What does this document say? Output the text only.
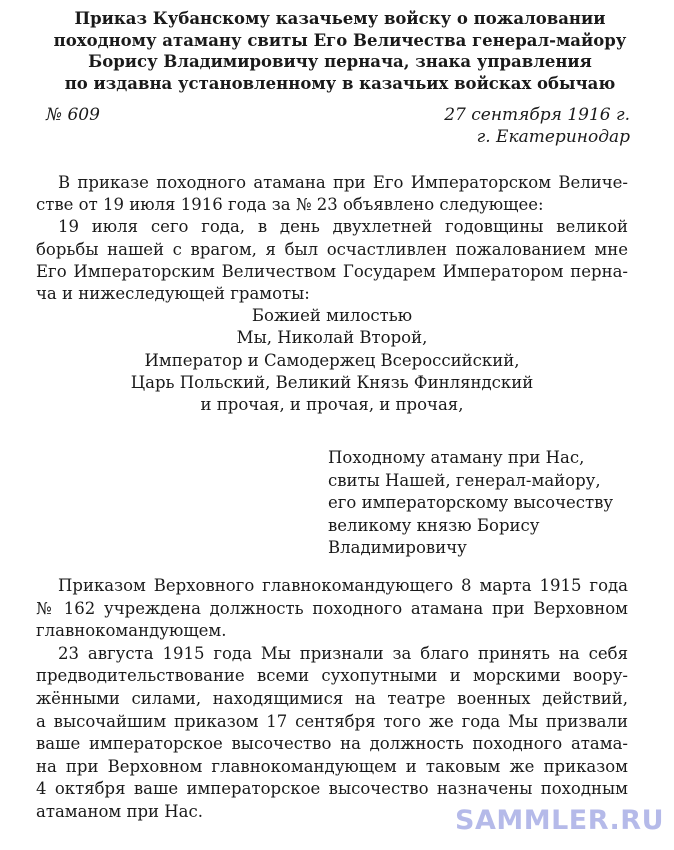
Приказ Кубанскому казачьему войску о пожаловании
походному атаману свиты Его Величества генерал-майору
Борису Владимировичу пернача, знака управления
по издавна установленному в казачьих войсках обычаю
№ 609	27 сентября 1916 г.
г. Екатеринодар
В приказе походного атамана при Его Императорском Величе-
стве от 19 июля 1916 года за № 23 объявлено следующее:
19 июля сего года, в день двухлетней годовщины великой
борьбы нашей с врагом, я был осчастливлен пожалованием мне
Его Императорским Величеством Государем Императором перна-
ча и нижеследующей грамоты:
Божией милостью
Мы, Николай Второй,
Император и Самодержец Всероссийский,
Царь Польский, Великий Князь Финляндский
и прочая, и прочая, и прочая,
Походному атаману при Нас,
свиты Нашей, генерал-майору,
его императорскому высочеству
великому князю Борису
Владимировичу
Приказом Верховного главнокомандующего 8 марта 1915 года
№ 162 учреждена должность походного атамана при Верховном
главнокомандующем.
23 августа 1915 года Мы признали за благо принять на себя
предводительствование всеми сухопутными и морскими воору-
жёнными силами, находящимися на театре военных действий,
а высочайшим приказом 17 сентября того же года Мы призвали
ваше императорское высочество на должность походного атама-
на при Верховном главнокомандующем и таковым же приказом
4 октября ваше императорское высочество назначены походным
атаманом при Нас.	SAMMLER.RU
